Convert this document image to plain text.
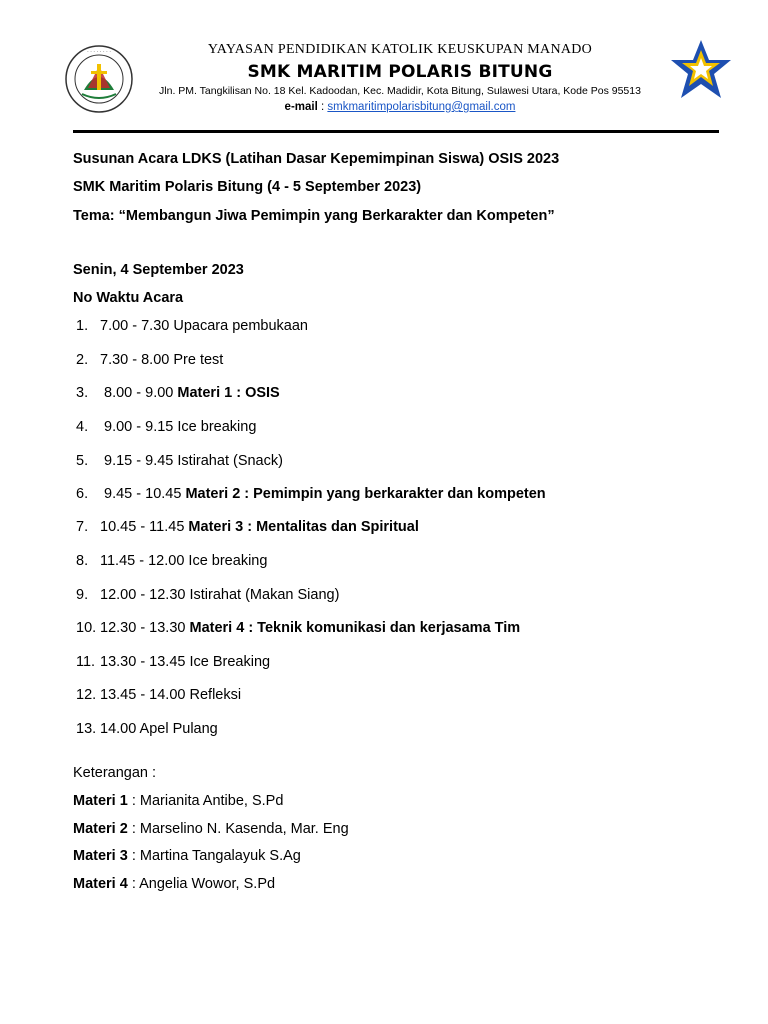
· · · · · · · ·	YAYASAN PENDIDIKAN KATOLIK KEUSKUPAN MANADO
SMK MARITIM POLARIS BITUNG
Jln. PM. Tangkilisan No. 18 Kel. Kadoodan, Kec. Madidir, Kota Bitung, Sulawesi Utara, Kode Pos 95513
e-mail : smkmaritimpolarisbitung@gmail.com
Susunan Acara LDKS (Latihan Dasar Kepemimpinan Siswa) OSIS 2023
SMK Maritim Polaris Bitung (4 - 5 September 2023)
Tema: “Membangun Jiwa Pemimpin yang Berkarakter dan Kompeten”
Senin, 4 September 2023
No Waktu Acara
1. 7.00 - 7.30 Upacara pembukaan
2. 7.30 - 8.00 Pre test
3. 8.00 - 9.00 Materi 1 : OSIS
4. 9.00 - 9.15 Ice breaking
5. 9.15 - 9.45 Istirahat (Snack)
6. 9.45 - 10.45 Materi 2 : Pemimpin yang berkarakter dan kompeten
7. 10.45 - 11.45 Materi 3 : Mentalitas dan Spiritual
8. 11.45 - 12.00 Ice breaking
9. 12.00 - 12.30 Istirahat (Makan Siang)
10. 12.30 - 13.30 Materi 4 : Teknik komunikasi dan kerjasama Tim
11. 13.30 - 13.45 Ice Breaking
12. 13.45 - 14.00 Refleksi
13. 14.00 Apel Pulang
Keterangan :
Materi 1 : Marianita Antibe, S.Pd
Materi 2 : Marselino N. Kasenda, Mar. Eng
Materi 3 : Martina Tangalayuk S.Ag
Materi 4 : Angelia Wowor, S.Pd
